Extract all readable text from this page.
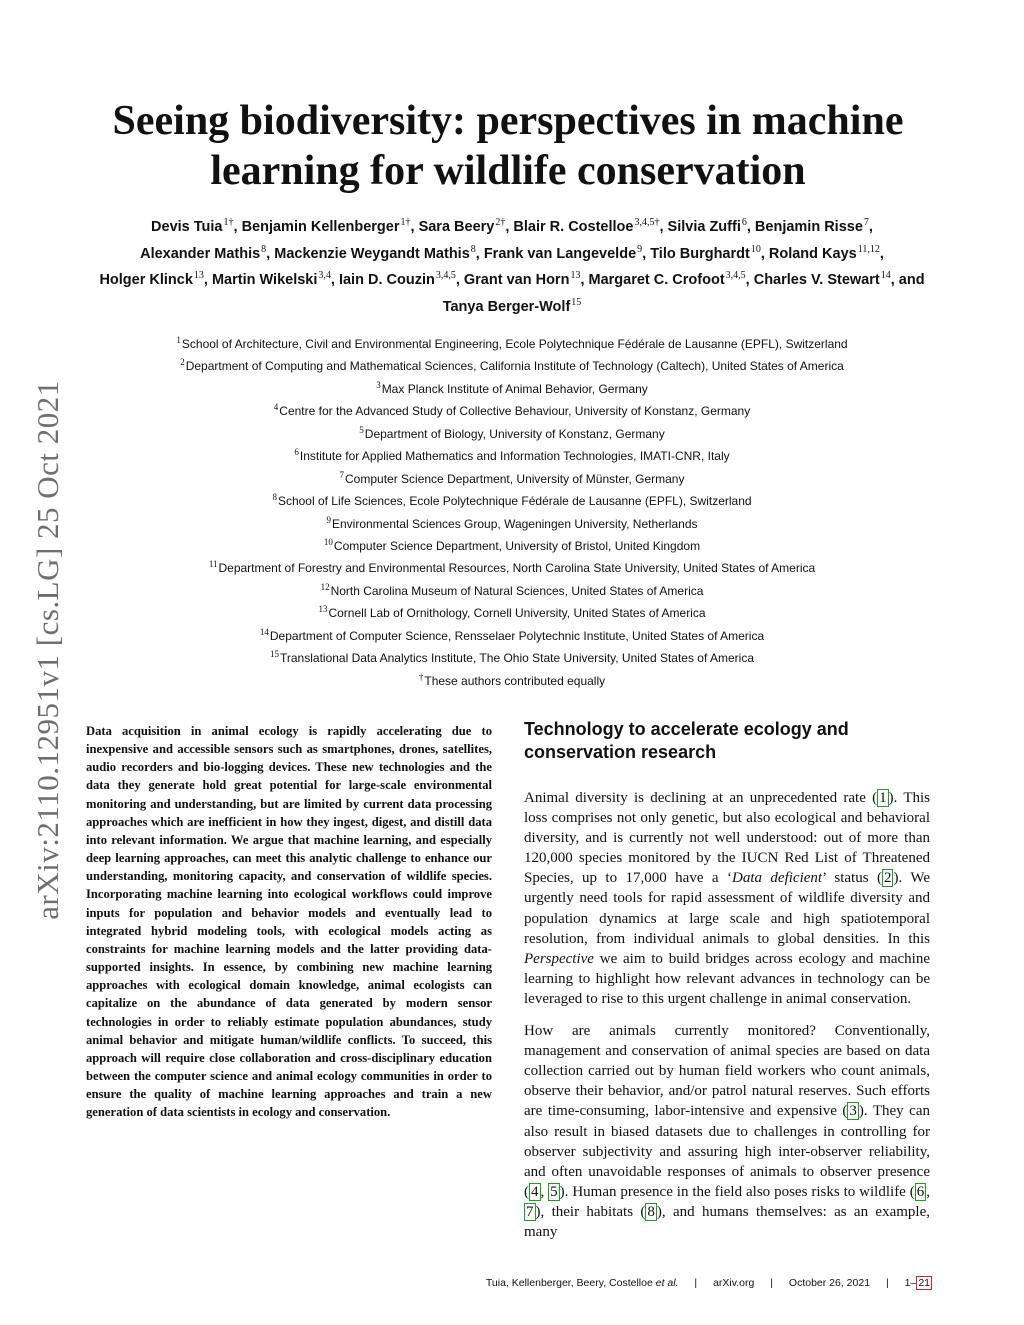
arXiv:2110.12951v1 [cs.LG] 25 Oct 2021
Seeing biodiversity: perspectives in machine
learning for wildlife conservation
Devis Tuia$^{1\dagger}$, Benjamin Kellenberger$^{1\dagger}$, Sara Beery$^{2\dagger}$, Blair R. Costelloe$^{3,4,5\dagger}$, Silvia Zuffi$^6$, Benjamin Risse$^7$,
Alexander Mathis$^8$, Mackenzie Weygandt Mathis$^8$, Frank van Langevelde$^9$, Tilo Burghardt$^{10}$, Roland Kays$^{11,12}$,
Holger Klinck$^{13}$, Martin Wikelski$^{3,4}$, Iain D. Couzin$^{3,4,5}$, Grant van Horn$^{13}$, Margaret C. Crofoot$^{3,4,5}$, Charles V. Stewart$^{14}$, and Tanya Berger-Wolf$^{15}$
$^1$School of Architecture, Civil and Environmental Engineering, Ecole Polytechnique Fédérale de Lausanne (EPFL), Switzerland
$^2$Department of Computing and Mathematical Sciences, California Institute of Technology (Caltech), United States of America
$^3$Max Planck Institute of Animal Behavior, Germany
$^4$Centre for the Advanced Study of Collective Behaviour, University of Konstanz, Germany
$^5$Department of Biology, University of Konstanz, Germany
$^6$Institute for Applied Mathematics and Information Technologies, IMATI-CNR, Italy
$^7$Computer Science Department, University of Münster, Germany
$^8$School of Life Sciences, Ecole Polytechnique Fédérale de Lausanne (EPFL), Switzerland
$^9$Environmental Sciences Group, Wageningen University, Netherlands
$^{10}$Computer Science Department, University of Bristol, United Kingdom
$^{11}$Department of Forestry and Environmental Resources, North Carolina State University, United States of America
$^{12}$North Carolina Museum of Natural Sciences, United States of America
$^{13}$Cornell Lab of Ornithology, Cornell University, United States of America
$^{14}$Department of Computer Science, Rensselaer Polytechnic Institute, United States of America
$^{15}$Translational Data Analytics Institute, The Ohio State University, United States of America
†These authors contributed equally

Data acquisition in animal ecology is rapidly accelerating due to inexpensive and accessible sensors such as smartphones, drones, satellites, audio recorders and bio-logging devices. These new technologies and the data they generate hold great potential for large-scale environmental monitoring and understanding, but are limited by current data processing approaches which are inefficient in how they ingest, digest, and distill data into relevant information. We argue that machine learning, and especially deep learning approaches, can meet this analytic challenge to enhance our understanding, monitoring capacity, and conservation of wildlife species. Incorporating machine learning into ecological workflows could improve inputs for population and behavior models and eventually lead to integrated hybrid modeling tools, with ecological models acting as constraints for machine learning models and the latter providing data-supported insights. In essence, by combining new machine learning approaches with ecological domain knowledge, animal ecologists can capitalize on the abundance of data generated by modern sensor technologies in order to reliably estimate population abundances, study animal behavior and mitigate human/wildlife conflicts. To succeed, this approach will require close collaboration and cross-disciplinary education between the computer science and animal ecology communities in order to ensure the quality of machine learning approaches and train a new generation of data scientists in ecology and conservation.

Technology to accelerate ecology and conservation research

Animal diversity is declining at an unprecedented rate ( 1 ). This loss comprises not only genetic, but also ecological and behavioral diversity, and is currently not well understood: out of more than 120,000 species monitored by the IUCN Red List of Threatened Species, up to 17,000 have a ‘Data deficient’ status ( 2 ). We urgently need tools for rapid assessment of wildlife diversity and population dynamics at large scale and high spatiotemporal resolution, from individual animals to global densities. In this Perspective we aim to build bridges across ecology and machine learning to highlight how relevant advances in technology can be leveraged to rise to this urgent challenge in animal conservation.

How are animals currently monitored? Conventionally, management and conservation of animal species are based on data collection carried out by human field workers who count animals, observe their behavior, and/or patrol natural reserves. Such efforts are time-consuming, labor-intensive and expensive ( 3 ). They can also result in biased datasets due to challenges in controlling for observer subjectivity and assuring high inter-observer reliability, and often unavoidable responses of animals to observer presence ( 4 , 5 ). Human presence in the field also poses risks to wildlife ( 6 , 7 ), their habitats ( 8 ), and humans themselves: as an example, many

Tuia, Kellenberger, Beery, Costelloe et al. | arXiv.org | October 26, 2021 | 1– 21
